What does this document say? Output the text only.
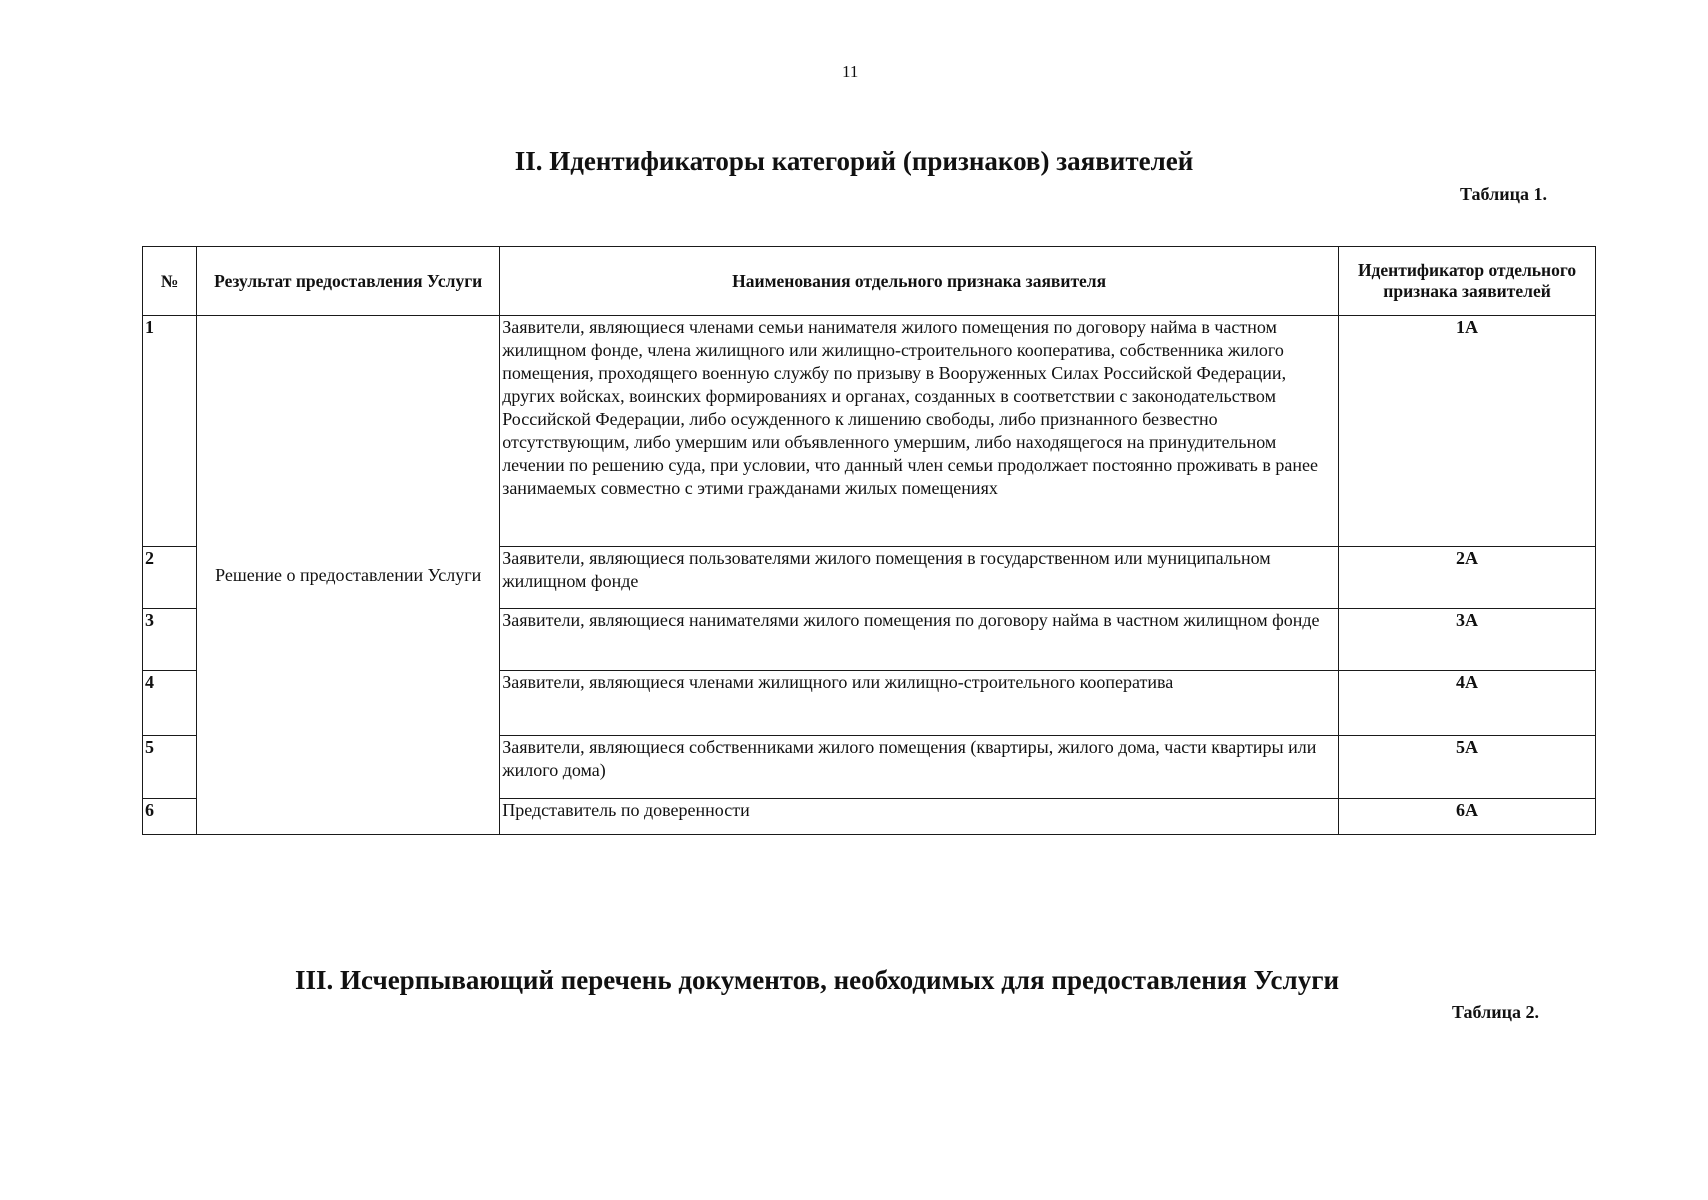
11
II. Идентификаторы категорий (признаков) заявителей
Таблица 1.
№	Результат предоставления Услуги	Наименования отдельного признака заявителя	Идентификатор отдельного признака заявителей
1	Решение о предоставлении Услуги	Заявители, являющиеся членами семьи нанимателя жилого помещения по договору найма в частном жилищном фонде, члена жилищного или жилищно-строительного кооператива, собственника жилого помещения, проходящего военную службу по призыву в Вооруженных Силах Российской Федерации, других войсках, воинских формированиях и органах, созданных в соответствии с законодательством Российской Федерации, либо осужденного к лишению свободы, либо признанного безвестно отсутствующим, либо умершим или объявленного умершим, либо находящегося на принудительном лечении по решению суда, при условии, что данный член семьи продолжает постоянно проживать в ранее занимаемых совместно с этими гражданами жилых помещениях	1А
2		Заявители, являющиеся пользователями жилого помещения в государственном или муниципальном жилищном фонде	2А
3		Заявители, являющиеся нанимателями жилого помещения по договору найма в частном жилищном фонде	3А
4		Заявители, являющиеся членами жилищного или жилищно-строительного кооператива	4А
5		Заявители, являющиеся собственниками жилого помещения (квартиры, жилого дома, части квартиры или жилого дома)	5А
6		Представитель по доверенности	6А
III. Исчерпывающий перечень документов, необходимых для предоставления Услуги
Таблица 2.
